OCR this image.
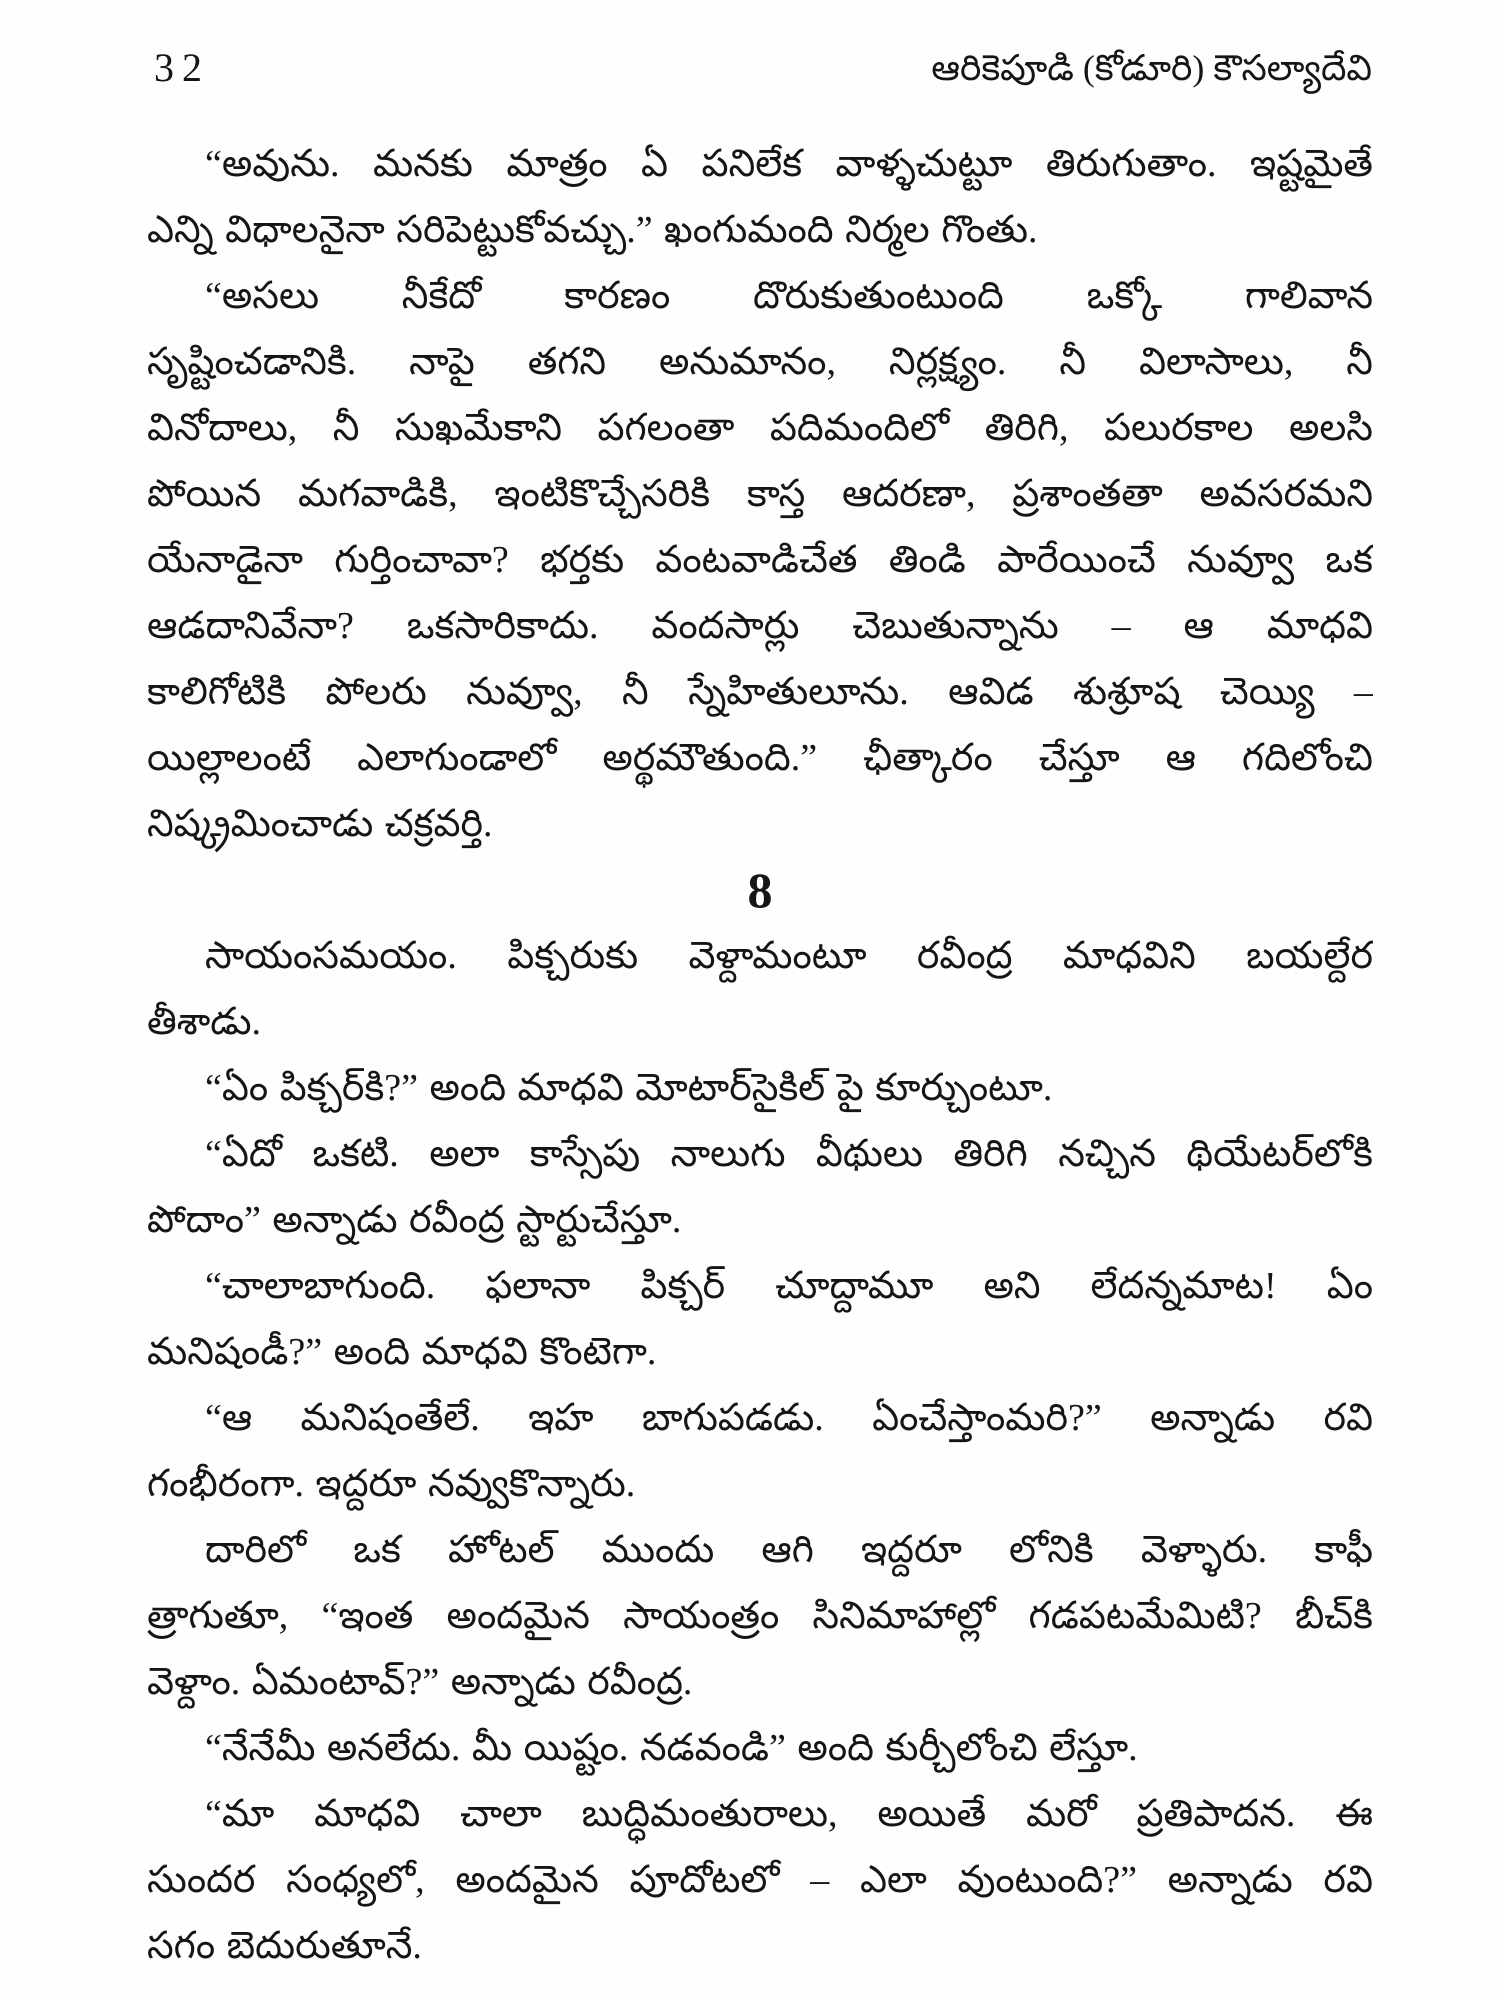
32	ఆరికెపూడి (కోడూరి) కౌసల్యాదేవి
“అవును. మనకు మాత్రం ఏ పనిలేక వాళ్ళచుట్టూ తిరుగుతాం. ఇష్టమైతే
ఎన్ని విధాలనైనా సరిపెట్టుకోవచ్చు.” ఖంగుమంది నిర్మల గొంతు.
“అసలు నీకేదో కారణం దొరుకుతుంటుంది ఒక్కో గాలివాన
సృష్టించడానికి. నాపై తగని అనుమానం, నిర్లక్ష్యం. నీ విలాసాలు, నీ
వినోదాలు, నీ సుఖమేకాని పగలంతా పదిమందిలో తిరిగి, పలురకాల అలసి
పోయిన మగవాడికి, ఇంటికొచ్చేసరికి కాస్త ఆదరణా, ప్రశాంతతా అవసరమని
యేనాడైనా గుర్తించావా? భర్తకు వంటవాడిచేత తిండి పారేయించే నువ్వూ ఒక
ఆడదానివేనా? ఒకసారికాదు. వందసార్లు చెబుతున్నాను – ఆ మాధవి
కాలిగోటికి పోలరు నువ్వూ, నీ స్నేహితులూను. ఆవిడ శుశ్రూష చెయ్యి –
యిల్లాలంటే ఎలాగుండాలో అర్థమౌతుంది.” ఛీత్కారం చేస్తూ ఆ గదిలోంచి
నిష్క్రమించాడు చక్రవర్తి.
8
సాయంసమయం. పిక్చరుకు వెళ్దామంటూ రవీంద్ర మాధవిని బయల్దేర
తీశాడు.
“ఏం పిక్చర్‌కి?” అంది మాధవి మోటార్‌సైకిల్ పై కూర్చుంటూ.
“ఏదో ఒకటి. అలా కాస్సేపు నాలుగు వీథులు తిరిగి నచ్చిన థియేటర్‌లోకి
పోదాం” అన్నాడు రవీంద్ర స్టార్టుచేస్తూ.
“చాలాబాగుంది. ఫలానా పిక్చర్ చూద్దామూ అని లేదన్నమాట! ఏం
మనిషండీ?” అంది మాధవి కొంటెగా.
“ఆ మనిషంతేలే. ఇహ బాగుపడడు. ఏంచేస్తాంమరి?” అన్నాడు రవి
గంభీరంగా. ఇద్దరూ నవ్వుకొన్నారు.
దారిలో ఒక హోటల్ ముందు ఆగి ఇద్దరూ లోనికి వెళ్ళారు. కాఫీ
త్రాగుతూ, “ఇంత అందమైన సాయంత్రం సినిమాహాల్లో గడపటమేమిటి? బీచ్‌కి
వెళ్దాం. ఏమంటావ్?” అన్నాడు రవీంద్ర.
“నేనేమీ అనలేదు. మీ యిష్టం. నడవండి” అంది కుర్చీలోంచి లేస్తూ.
“మా మాధవి చాలా బుద్ధిమంతురాలు, అయితే మరో ప్రతిపాదన. ఈ
సుందర సంధ్యలో, అందమైన పూదోటలో – ఎలా వుంటుంది?” అన్నాడు రవి
సగం బెదురుతూనే.
